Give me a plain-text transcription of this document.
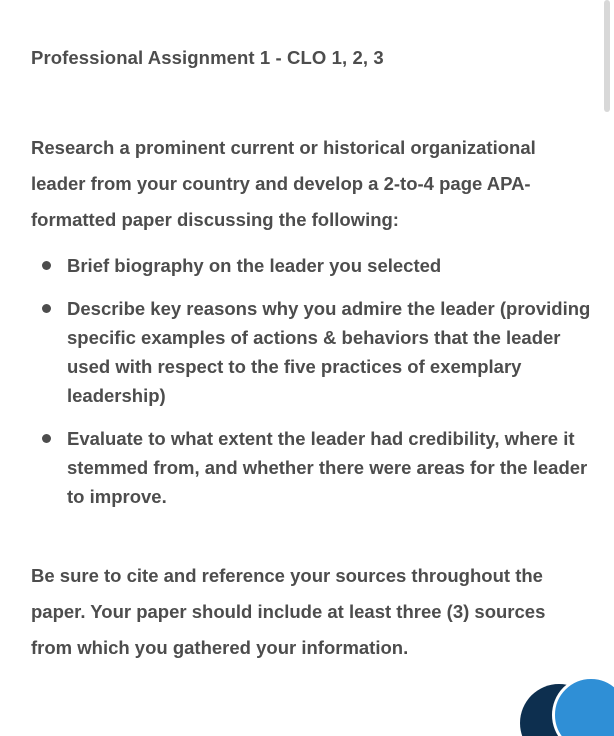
Professional Assignment 1 - CLO 1, 2, 3

Research a prominent current or historical organizational leader from your country and develop a 2-to-4 page APA-formatted paper discussing the following:

Brief biography on the leader you selected
Describe key reasons why you admire the leader (providing specific examples of actions & behaviors that the leader used with respect to the five practices of exemplary leadership)
Evaluate to what extent the leader had credibility, where it stemmed from, and whether there were areas for the leader to improve.

Be sure to cite and reference your sources throughout the paper. Your paper should include at least three (3) sources from which you gathered your information.
